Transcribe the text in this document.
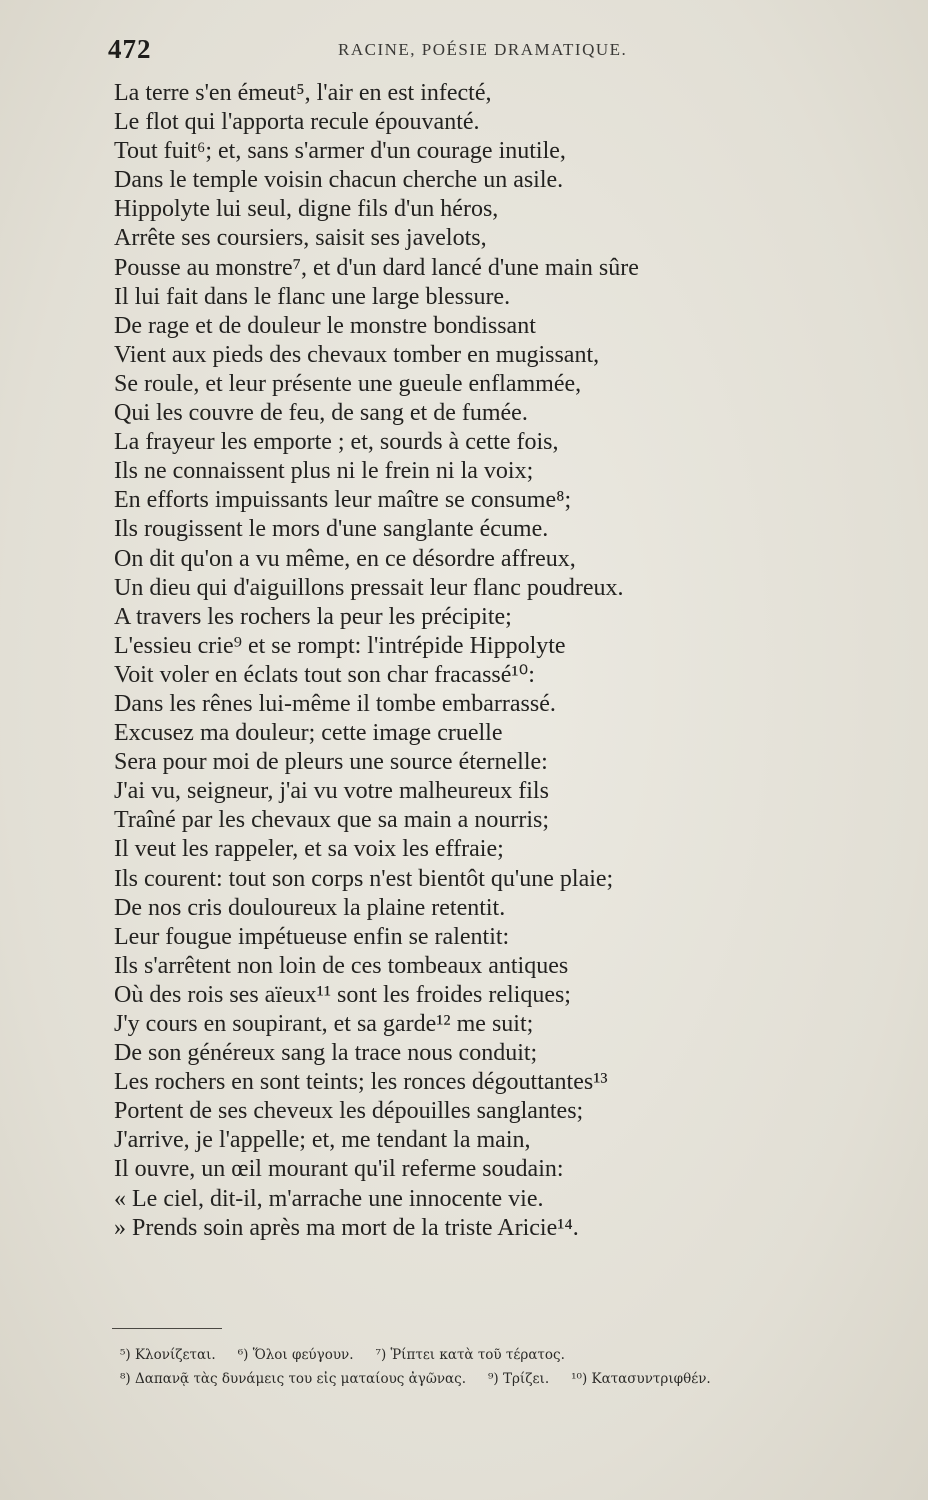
472	RACINE, POÉSIE DRAMATIQUE.
La terre s'en émeut⁵, l'air en est infecté,
Le flot qui l'apporta recule épouvanté.
Tout fuit⁶; et, sans s'armer d'un courage inutile,
Dans le temple voisin chacun cherche un asile.
Hippolyte lui seul, digne fils d'un héros,
Arrête ses coursiers, saisit ses javelots,
Pousse au monstre⁷, et d'un dard lancé d'une main sûre
Il lui fait dans le flanc une large blessure.
De rage et de douleur le monstre bondissant
Vient aux pieds des chevaux tomber en mugissant,
Se roule, et leur présente une gueule enflammée,
Qui les couvre de feu, de sang et de fumée.
La frayeur les emporte ; et, sourds à cette fois,
Ils ne connaissent plus ni le frein ni la voix;
En efforts impuissants leur maître se consume⁸;
Ils rougissent le mors d'une sanglante écume.
On dit qu'on a vu même, en ce désordre affreux,
Un dieu qui d'aiguillons pressait leur flanc poudreux.
A travers les rochers la peur les précipite;
L'essieu crie⁹ et se rompt: l'intrépide Hippolyte
Voit voler en éclats tout son char fracassé¹⁰:
Dans les rênes lui-même il tombe embarrassé.
Excusez ma douleur; cette image cruelle
Sera pour moi de pleurs une source éternelle:
J'ai vu, seigneur, j'ai vu votre malheureux fils
Traîné par les chevaux que sa main a nourris;
Il veut les rappeler, et sa voix les effraie;
Ils courent: tout son corps n'est bientôt qu'une plaie;
De nos cris douloureux la plaine retentit.
Leur fougue impétueuse enfin se ralentit:
Ils s'arrêtent non loin de ces tombeaux antiques
Où des rois ses aïeux¹¹ sont les froides reliques;
J'y cours en soupirant, et sa garde¹² me suit;
De son généreux sang la trace nous conduit;
Les rochers en sont teints; les ronces dégouttantes¹³
Portent de ses cheveux les dépouilles sanglantes;
J'arrive, je l'appelle; et, me tendant la main,
Il ouvre, un œil mourant qu'il referme soudain:
« Le ciel, dit-il, m'arrache une innocente vie.
» Prends soin après ma mort de la triste Aricie¹⁴.
⁵) Κλονίζεται. ⁶) Ὅλοι φεύγουν. ⁷) Ῥίπτει κατὰ τοῦ τέρατος.
⁸) Δαπανᾷ τὰς δυνάμεις του εἰς ματαίους ἀγῶνας. ⁹) Τρίζει. ¹⁰) Κατασυντριφθέν.
